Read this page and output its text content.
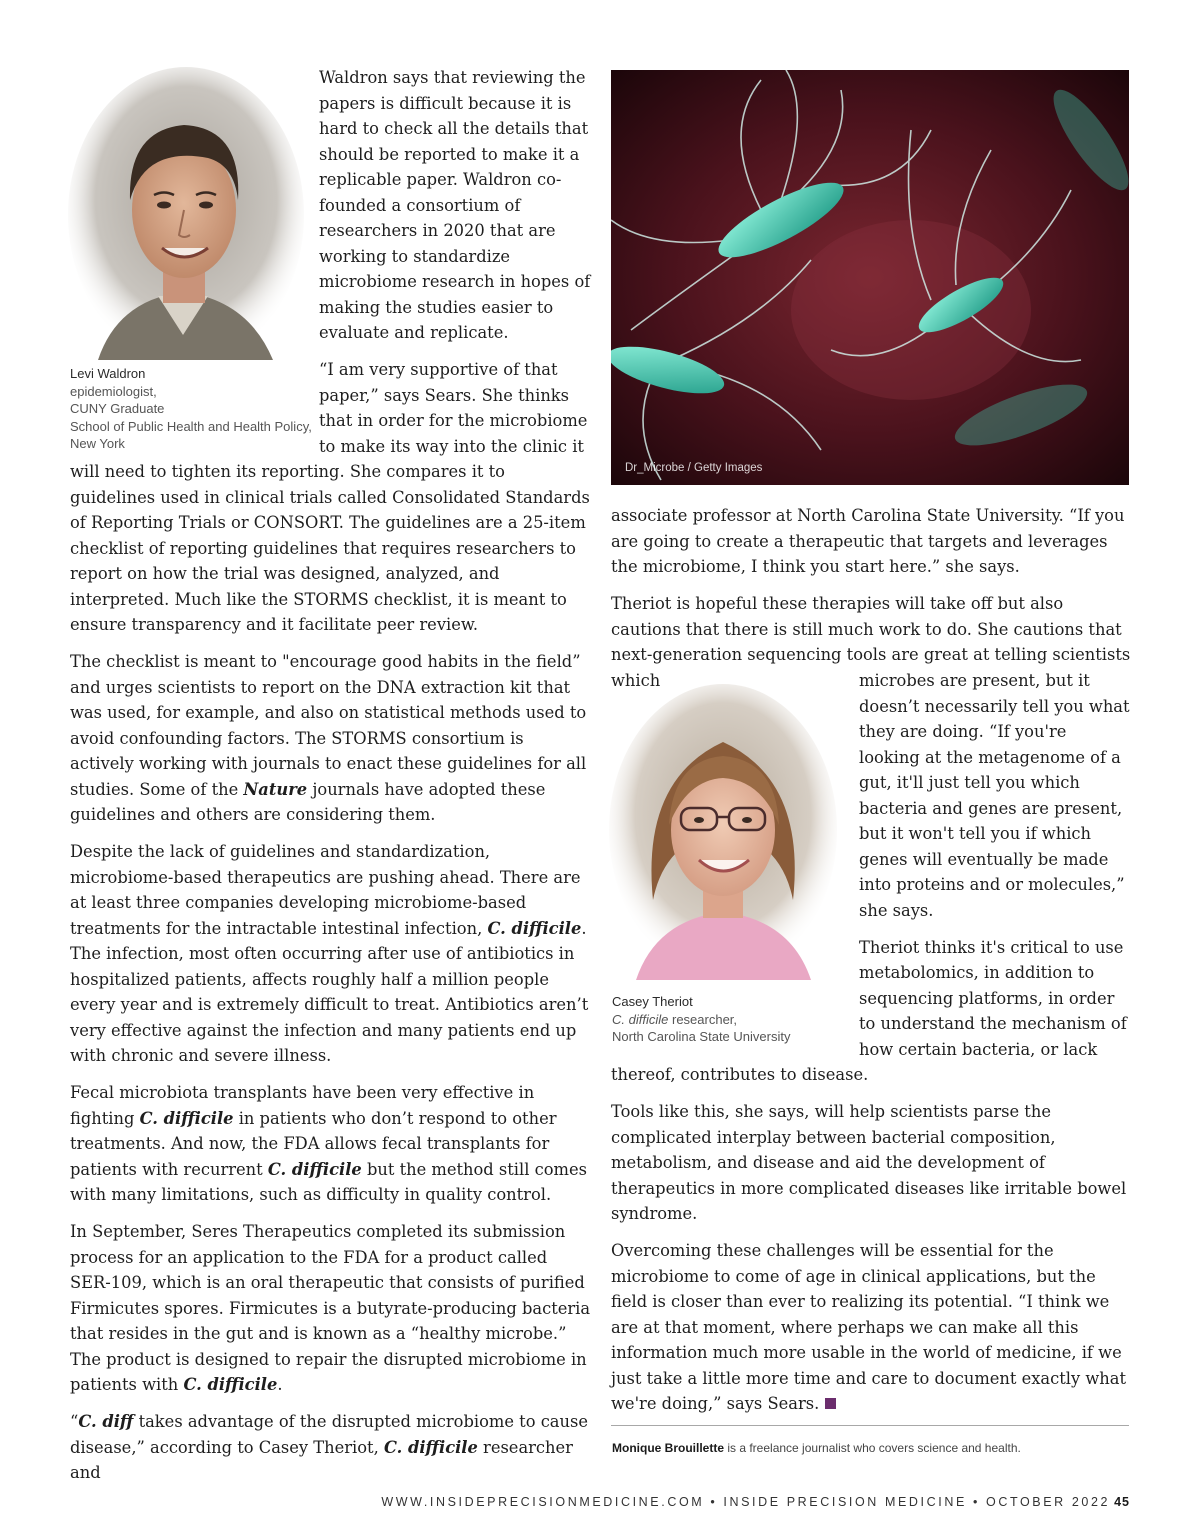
Levi Waldron
epidemiologist,
CUNY Graduate
School of Public Health and Health Policy,
New York

Waldron says that reviewing the papers is difficult because it is hard to check all the details that should be reported to make it a replicable paper. Waldron co-founded a consortium of researchers in 2020 that are working to standardize microbiome research in hopes of making the studies easier to evaluate and replicate.

“I am very supportive of that paper,” says Sears. She thinks that in order for the microbiome to make its way into the clinic it

will need to tighten its reporting. She compares it to guidelines used in clinical trials called Consolidated Standards of Reporting Trials or CONSORT. The guidelines are a 25-item checklist of reporting guidelines that requires researchers to report on how the trial was designed, analyzed, and interpreted. Much like the STORMS checklist, it is meant to ensure transparency and it facilitate peer review.

The checklist is meant to "encourage good habits in the field” and urges scientists to report on the DNA extraction kit that was used, for example, and also on statistical methods used to avoid confounding factors. The STORMS consortium is actively working with journals to enact these guidelines for all studies. Some of the Nature journals have adopted these guidelines and others are considering them.

Despite the lack of guidelines and standardization, microbiome-based therapeutics are pushing ahead. There are at least three companies developing microbiome-based treatments for the intractable intestinal infection, C. difficile. The infection, most often occurring after use of antibiotics in hospitalized patients, affects roughly half a million people every year and is extremely difficult to treat. Antibiotics aren’t very effective against the infection and many patients end up with chronic and severe illness.

Fecal microbiota transplants have been very effective in fighting C. difficile in patients who don’t respond to other treatments. And now, the FDA allows fecal transplants for patients with recurrent C. difficile but the method still comes with many limitations, such as difficulty in quality control.

In September, Seres Therapeutics completed its submission process for an application to the FDA for a product called SER-109, which is an oral therapeutic that consists of purified Firmicutes spores. Firmicutes is a butyrate-producing bacteria that resides in the gut and is known as a “healthy microbe.” The product is designed to repair the disrupted microbiome in patients with C. difficile.

“C. diff takes advantage of the disrupted microbiome to cause disease,” according to Casey Theriot, C. difficile researcher and

Dr_Microbe / Getty Images

associate professor at North Carolina State University. “If you are going to create a therapeutic that targets and leverages the microbiome, I think you start here.” she says.

Theriot is hopeful these therapies will take off but also cautions that there is still much work to do. She cautions that next-generation sequencing tools are great at telling scientists which

Casey Theriot
C. difficile researcher,
North Carolina State University

microbes are present, but it doesn’t necessarily tell you what they are doing. “If you're looking at the metagenome of a gut, it'll just tell you which bacteria and genes are present, but it won't tell you if which genes will eventually be made into proteins and or molecules,” she says.

Theriot thinks it's critical to use metabolomics, in addition to sequencing platforms, in order to understand the mechanism of how certain bacteria, or lack

thereof, contributes to disease.

Tools like this, she says, will help scientists parse the complicated interplay between bacterial composition, metabolism, and disease and aid the development of therapeutics in more complicated diseases like irritable bowel syndrome.

Overcoming these challenges will be essential for the microbiome to come of age in clinical applications, but the field is closer than ever to realizing its potential. “I think we are at that moment, where perhaps we can make all this information much more usable in the world of medicine, if we just take a little more time and care to document exactly what we're doing,” says Sears.

Monique Brouillette is a freelance journalist who covers science and health.
WWW.INSIDEPRECISIONMEDICINE.COM • INSIDE PRECISION MEDICINE • OCTOBER 2022 45
